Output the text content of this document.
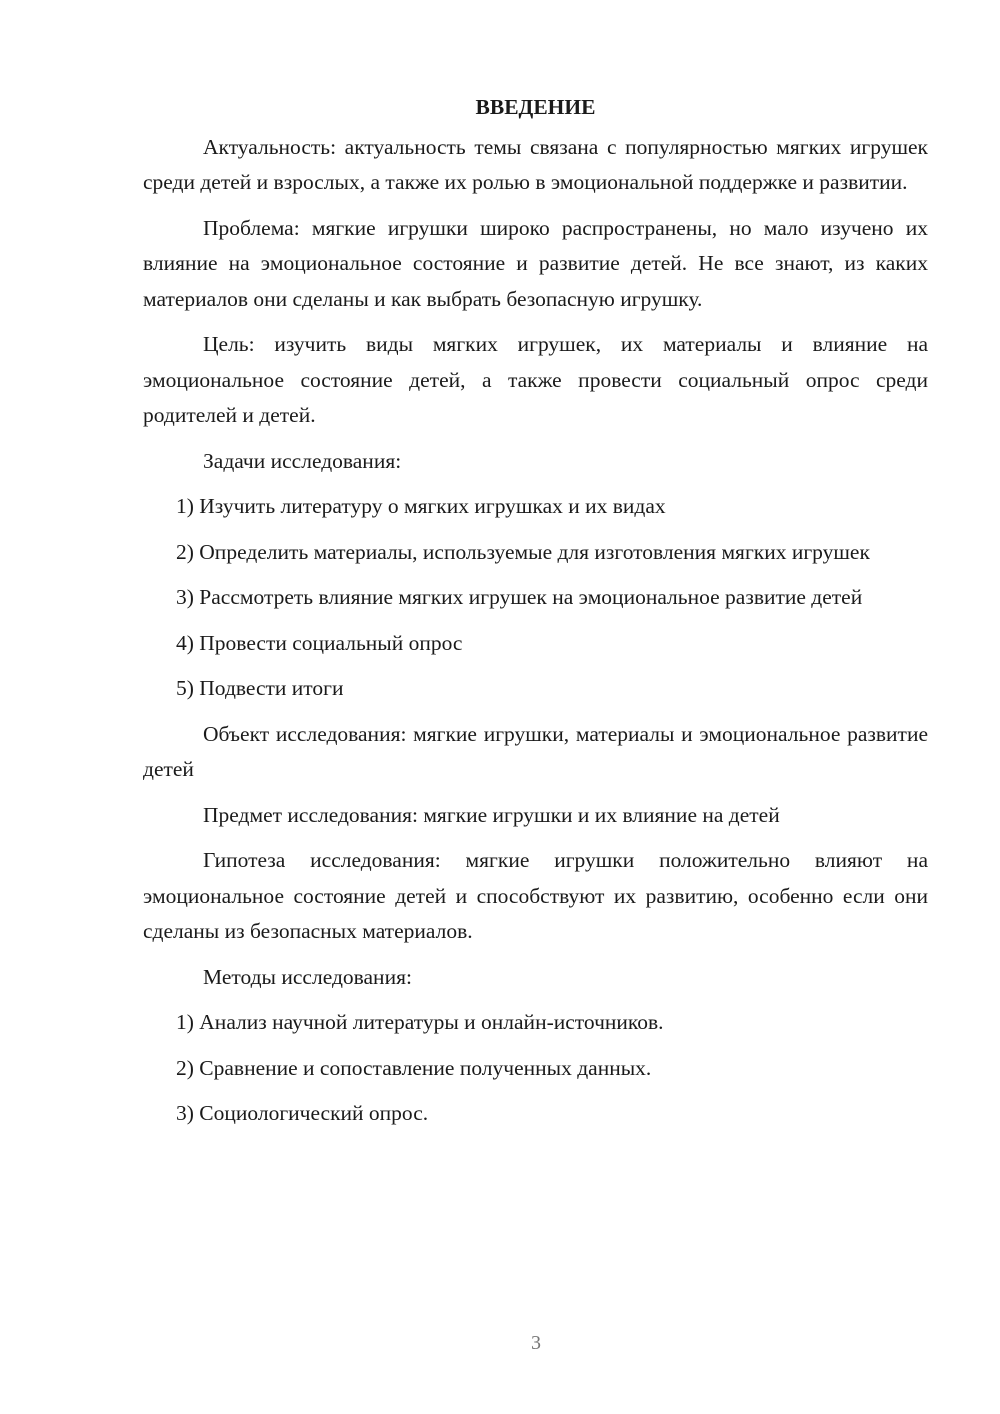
ВВЕДЕНИЕ

Актуальность: актуальность темы связана с популярностью мягких игрушек среди детей и взрослых, а также их ролью в эмоциональной поддержке и развитии.

Проблема: мягкие игрушки широко распространены, но мало изучено их влияние на эмоциональное состояние и развитие детей. Не все знают, из каких материалов они сделаны и как выбрать безопасную игрушку.

Цель: изучить виды мягких игрушек, их материалы и влияние на эмоциональное состояние детей, а также провести социальный опрос среди родителей и детей.

Задачи исследования:

1) Изучить литературу о мягких игрушках и их видах

2) Определить материалы, используемые для изготовления мягких игрушек

3) Рассмотреть влияние мягких игрушек на эмоциональное развитие детей

4) Провести социальный опрос

5) Подвести итоги

Объект исследования: мягкие игрушки, материалы и эмоциональное развитие детей

Предмет исследования: мягкие игрушки и их влияние на детей

Гипотеза исследования: мягкие игрушки положительно влияют на эмоциональное состояние детей и способствуют их развитию, особенно если они сделаны из безопасных материалов.

Методы исследования:

1) Анализ научной литературы и онлайн-источников.

2) Сравнение и сопоставление полученных данных.

3) Социологический опрос.

3
